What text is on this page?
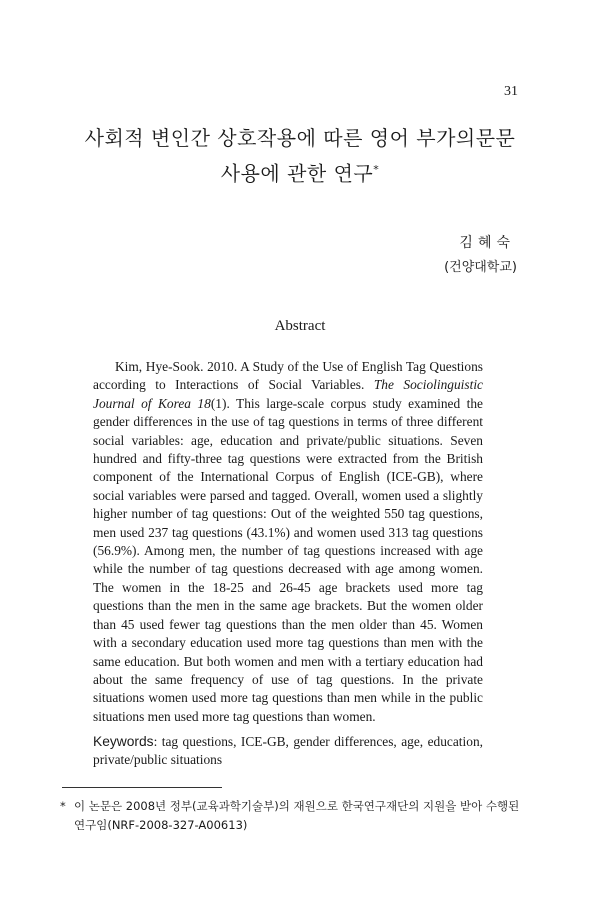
31
사회적 변인간 상호작용에 따른 영어 부가의문문
사용에 관한 연구*
김혜숙
(건양대학교)
Abstract
Kim, Hye-Sook. 2010. A Study of the Use of English Tag Questions according to Interactions of Social Variables. The Sociolinguistic Journal of Korea 18(1). This large-scale corpus study examined the gender differences in the use of tag questions in terms of three different social variables: age, education and private/public situations. Seven hundred and fifty-three tag questions were extracted from the British component of the International Corpus of English (ICE-GB), where social variables were parsed and tagged. Overall, women used a slightly higher number of tag questions: Out of the weighted 550 tag questions, men used 237 tag questions (43.1%) and women used 313 tag questions (56.9%). Among men, the number of tag questions increased with age while the number of tag questions decreased with age among women. The women in the 18-25 and 26-45 age brackets used more tag questions than the men in the same age brackets. But the women older than 45 used fewer tag questions than the men older than 45. Women with a secondary education used more tag questions than men with the same education. But both women and men with a tertiary education had about the same frequency of use of tag questions. In the private situations women used more tag questions than men while in the public situations men used more tag questions than women.
Keywords: tag questions, ICE-GB, gender differences, age, education, private/public situations
* 이 논문은 2008년 정부(교육과학기술부)의 재원으로 한국연구재단의 지원을 받아 수행된
연구임(NRF-2008-327-A00613)
